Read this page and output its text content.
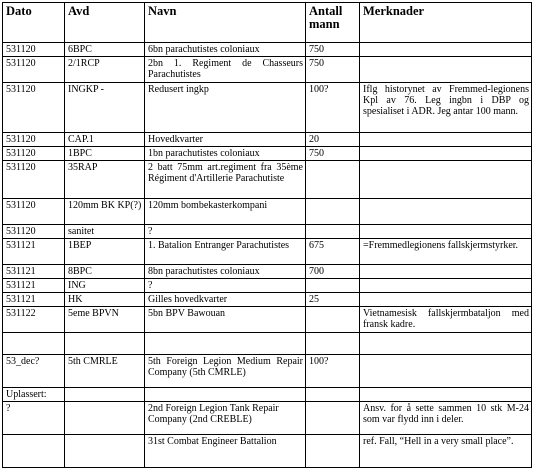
Dato	Avd	Navn	Antall mann	Merknader
531120	6BPC	6bn parachutistes coloniaux	750	
531120	2/1RCP	2bn 1. Regiment de Chasseurs Parachutistes	750	
531120	INGKP -	Redusert ingkp	100?	Iflg historynet av Fremmed-legionens Kpl av 76. Leg ingbn i DBP og spesialiset i ADR. Jeg antar 100 mann.
531120	CAP.1	Hovedkvarter	20	
531120	1BPC	1bn parachutistes coloniaux	750	
531120	35RAP	2 batt 75mm art.regiment fra 35ème Régiment d'Artillerie Parachutiste		
531120	120mm BK KP(?)	120mm bombekasterkompani		
531120	sanitet	?		
531121	1BEP	1. Batalion Entranger Parachutistes	675	=Fremmedlegionens fallskjermstyrker.
531121	8BPC	8bn parachutistes coloniaux	700	
531121	ING	?		
531121	HK	Gilles hovedkvarter	25	
531122	5eme BPVN	5bn BPV Bawouan		Vietnamesisk fallskjermbataljon med fransk kadre.

53_dec?	5th CMRLE	5th Foreign Legion Medium Repair Company (5th CMRLE)	100?	
Uplassert:				
?		2nd Foreign Legion Tank Repair Company (2nd CREBLE)		Ansv. for å sette sammen 10 stk M-24 som var flydd inn i deler.
		31st Combat Engineer Battalion		ref. Fall, “Hell in a very small place”.
